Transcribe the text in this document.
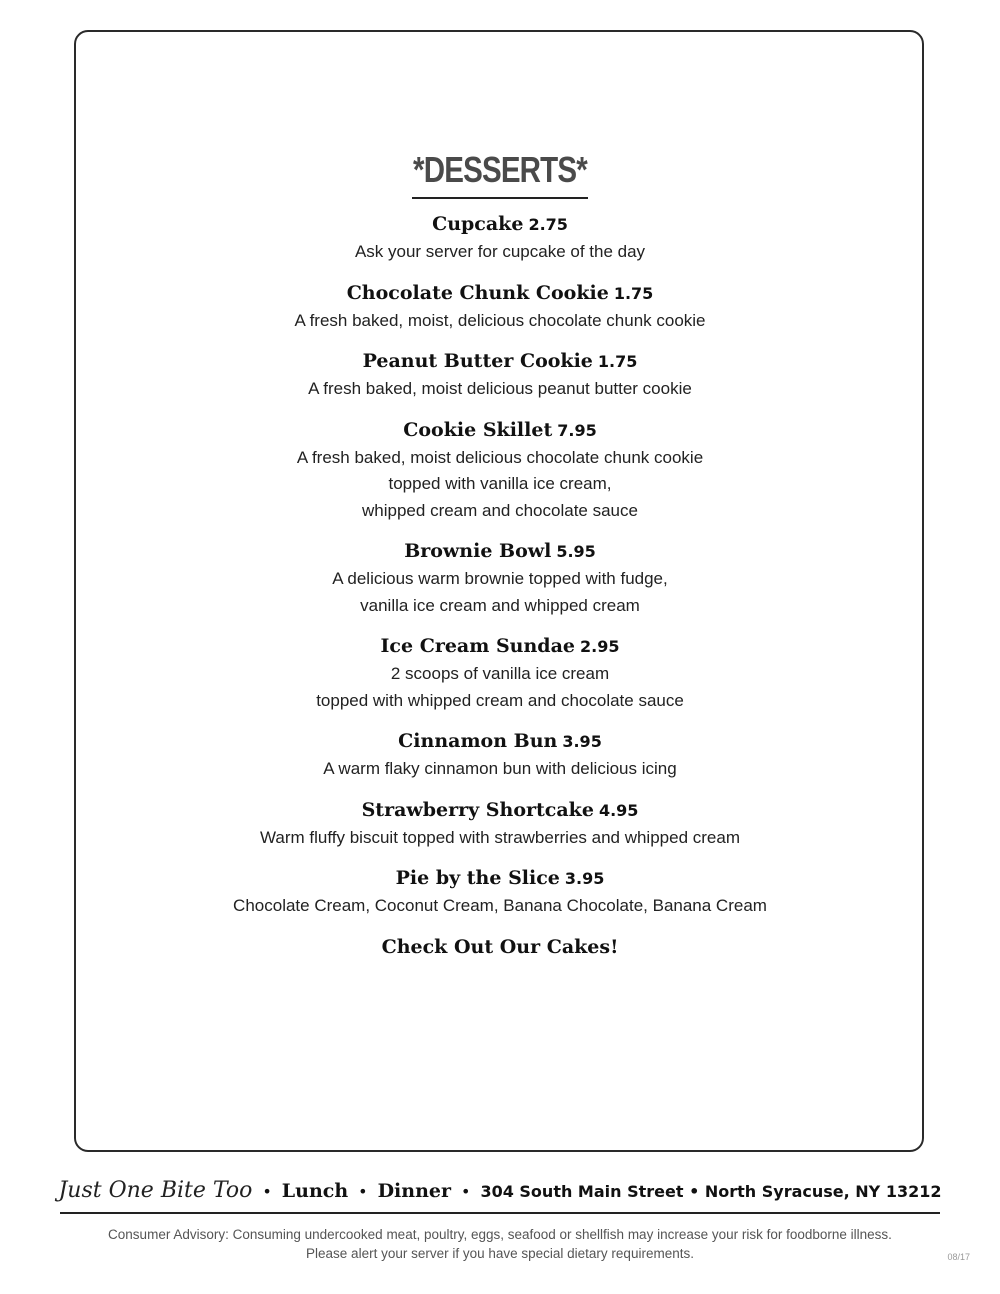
*DESSERTS*
Cupcake 2.75
Ask your server for cupcake of the day
Chocolate Chunk Cookie 1.75
A fresh baked, moist, delicious chocolate chunk cookie
Peanut Butter Cookie 1.75
A fresh baked, moist delicious peanut butter cookie
Cookie Skillet 7.95
A fresh baked, moist delicious chocolate chunk cookie
topped with vanilla ice cream,
whipped cream and chocolate sauce
Brownie Bowl 5.95
A delicious warm brownie topped with fudge,
vanilla ice cream and whipped cream
Ice Cream Sundae 2.95
2 scoops of vanilla ice cream
topped with whipped cream and chocolate sauce
Cinnamon Bun 3.95
A warm flaky cinnamon bun with delicious icing
Strawberry Shortcake 4.95
Warm fluffy biscuit topped with strawberries and whipped cream
Pie by the Slice 3.95
Chocolate Cream, Coconut Cream, Banana Chocolate, Banana Cream
Check Out Our Cakes!
Just One Bite Too • Lunch • Dinner • 304 South Main Street • North Syracuse, NY 13212
Consumer Advisory: Consuming undercooked meat, poultry, eggs, seafood or shellfish may increase your risk for foodborne illness.
Please alert your server if you have special dietary requirements.	08/17
